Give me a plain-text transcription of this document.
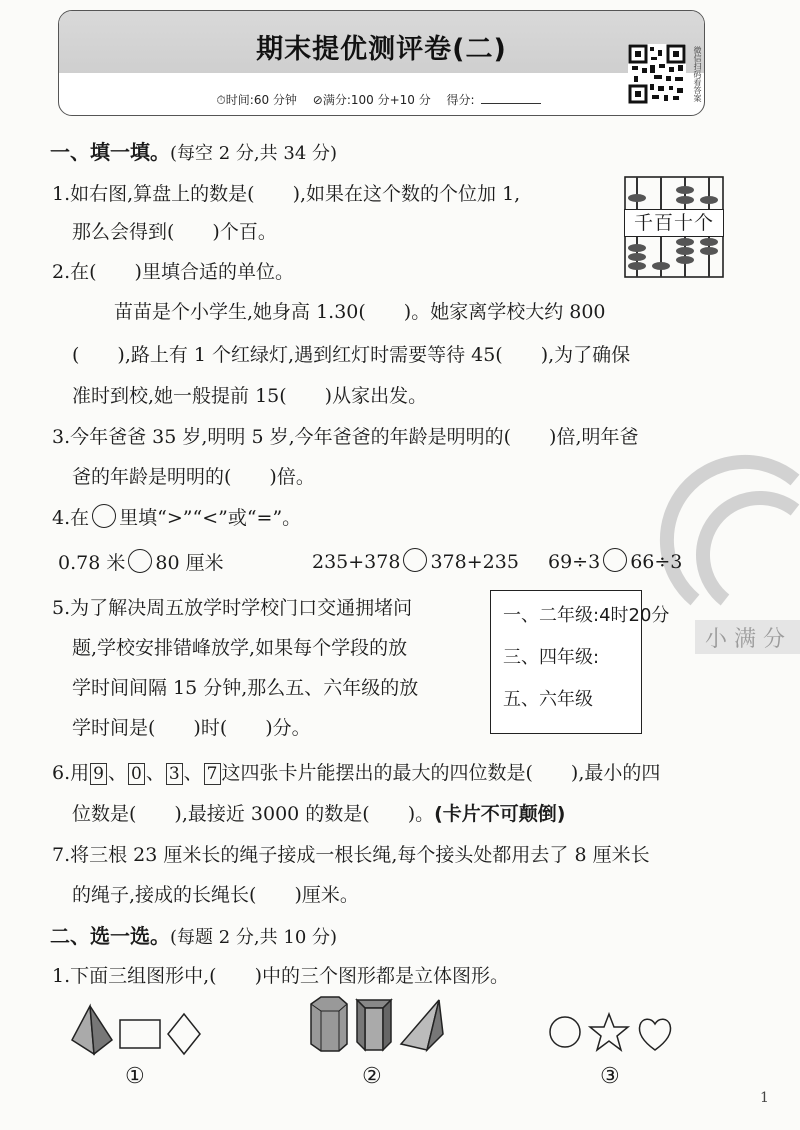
期末提优测评卷(二)
⏱时间:60 分钟 ⊘满分:100 分+10 分 得分:	微信扫码看答案
一、填一填。(每空 2 分,共 34 分)
1.如右图,算盘上的数是(　　),如果在这个数的个位加 1,
那么会得到(　　)个百。	千百十个
2.在(　　)里填合适的单位。
苗苗是个小学生,她身高 1.30(　　)。她家离学校大约 800
(　　),路上有 1 个红绿灯,遇到红灯时需要等待 45(　　),为了确保
准时到校,她一般提前 15(　　)从家出发。
3.今年爸爸 35 岁,明明 5 岁,今年爸爸的年龄是明明的(　　)倍,明年爸
爸的年龄是明明的(　　)倍。
小 满 分
4.在 里填“>”“<”或“=”。
0.78 米 80 厘米	235+378 378+235 69÷3 66÷3
5.为了解决周五放学时学校门口交通拥堵问
题,学校安排错峰放学,如果每个学段的放
学时间间隔 15 分钟,那么五、六年级的放
学时间是(　　)时(　　)分。
一、二年级:4时20分
三、四年级:
五、六年级
6.用 9 、 0 、 3 、 7 这四张卡片能摆出的最大的四位数是(　　),最小的四
位数是(　　),最接近 3000 的数是(　　)。(卡片不可颠倒)
7.将三根 23 厘米长的绳子接成一根长绳,每个接头处都用去了 8 厘米长
的绳子,接成的长绳长(　　)厘米。
二、选一选。(每题 2 分,共 10 分)
1.下面三组图形中,(　　)中的三个图形都是立体图形。
①	②	③
1
